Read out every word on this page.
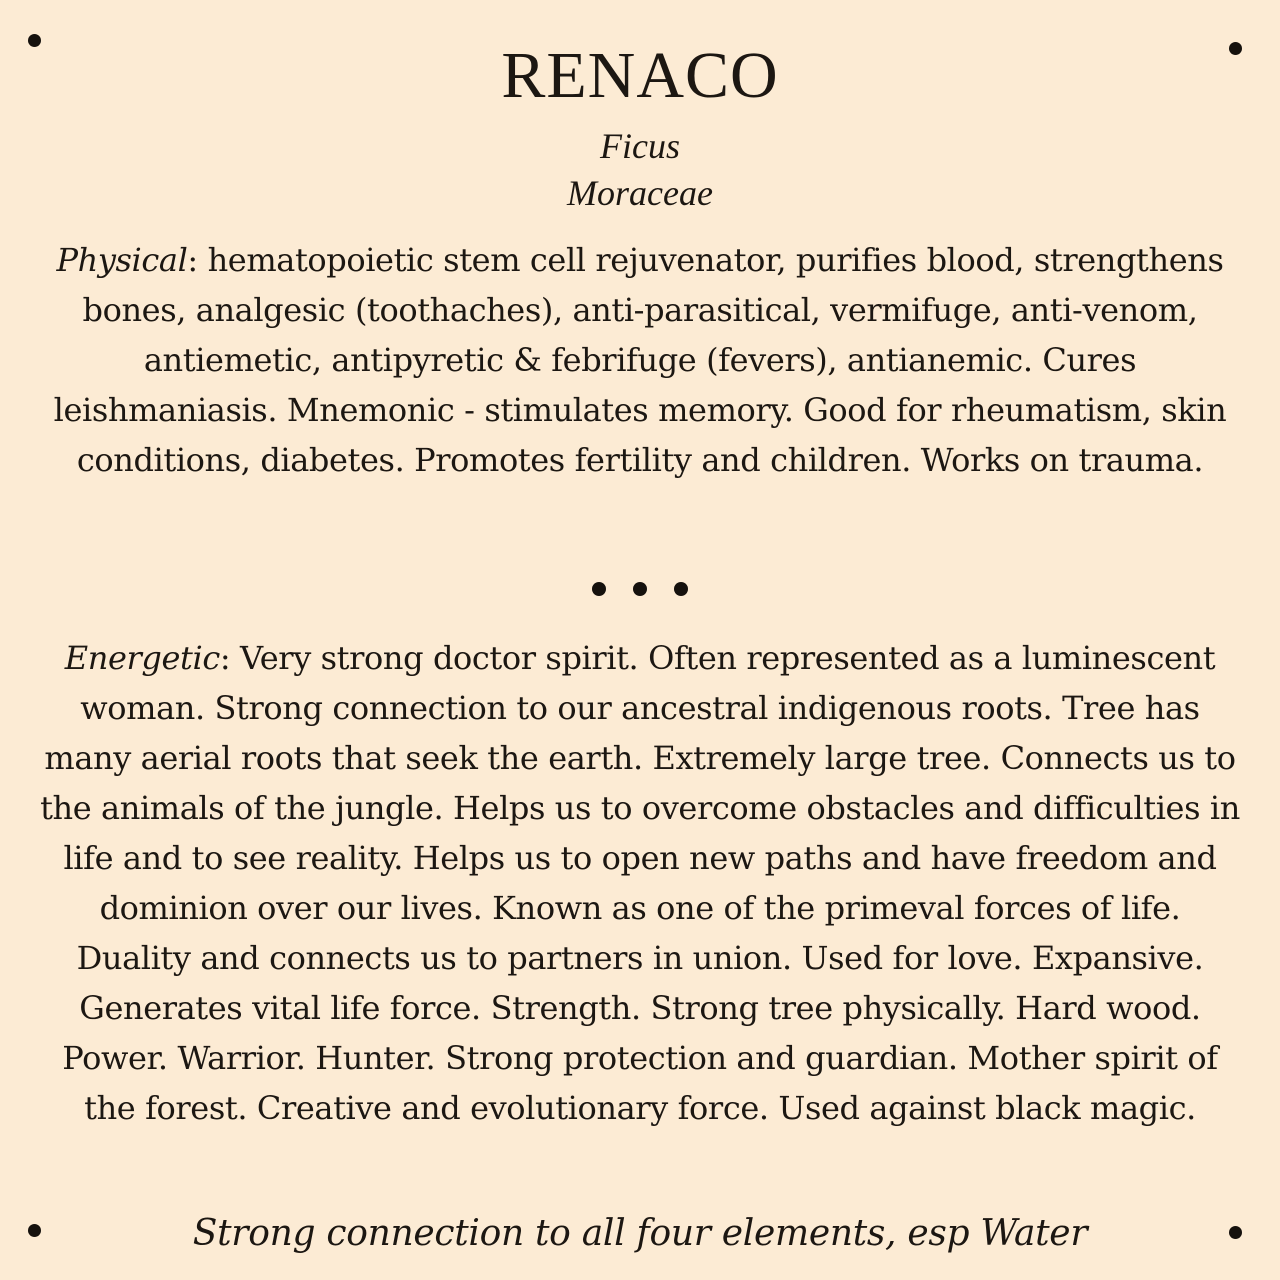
RENACO
Ficus
Moraceae

Physical: hematopoietic stem cell rejuvenator, purifies blood, strengthens bones, analgesic (toothaches), anti-parasitical, vermifuge, anti-venom, antiemetic, antipyretic & febrifuge (fevers), antianemic. Cures leishmaniasis. Mnemonic - stimulates memory. Good for rheumatism, skin conditions, diabetes. Promotes fertility and children. Works on trauma.

Energetic: Very strong doctor spirit. Often represented as a luminescent woman. Strong connection to our ancestral indigenous roots. Tree has many aerial roots that seek the earth. Extremely large tree. Connects us to the animals of the jungle. Helps us to overcome obstacles and difficulties in life and to see reality. Helps us to open new paths and have freedom and dominion over our lives. Known as one of the primeval forces of life. Duality and connects us to partners in union. Used for love. Expansive. Generates vital life force. Strength. Strong tree physically. Hard wood. Power. Warrior. Hunter. Strong protection and guardian. Mother spirit of the forest. Creative and evolutionary force. Used against black magic.

Strong connection to all four elements, esp Water
